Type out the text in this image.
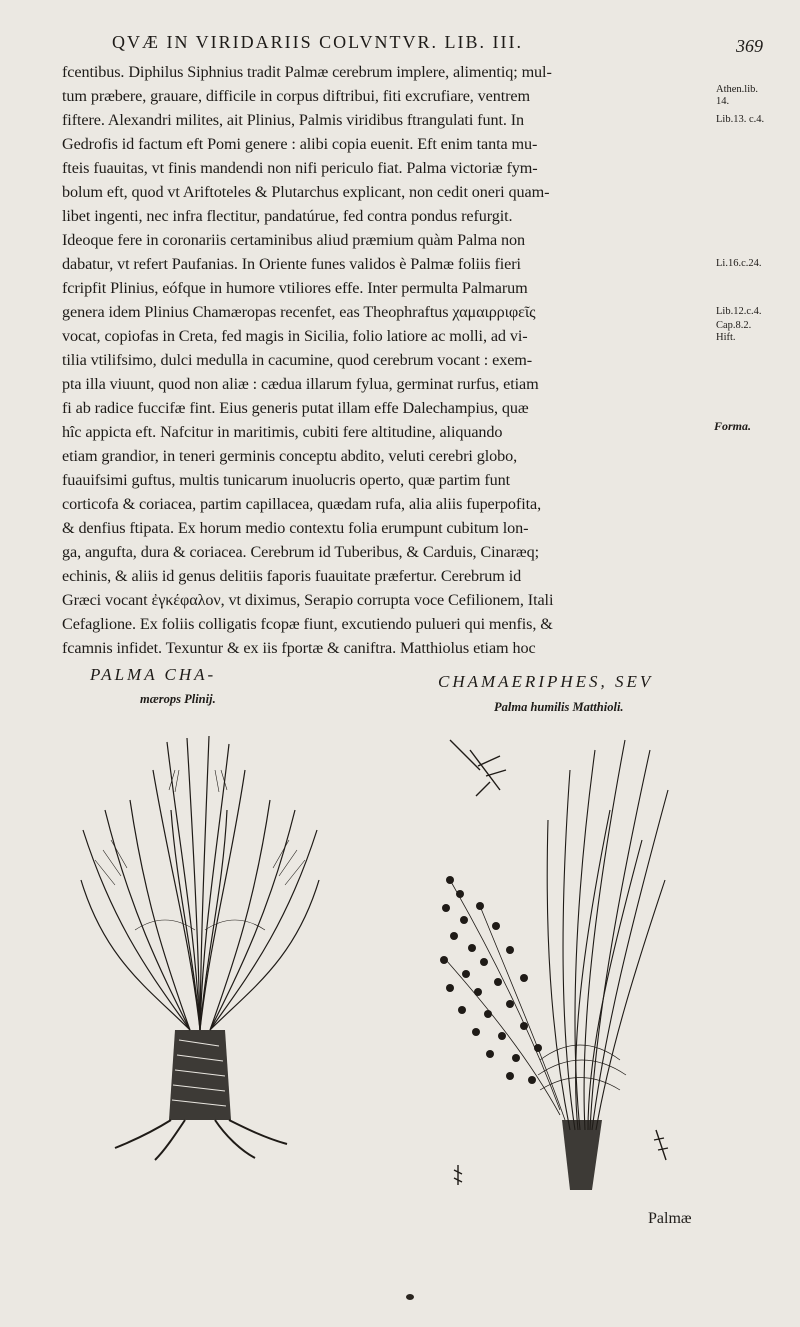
QVÆ IN VIRIDARIIS COLVNTVR. LIB. III.	369
fcentibus. Diphilus Siphnius tradit Palmæ cerebrum implere, alimentiq; mul-
tum præbere, grauare, difficile in corpus diftribui, fiti excrufiare, ventrem
fiftere. Alexandri milites, ait Plinius, Palmis viridibus ftrangulati funt. In
Gedrofis id factum eft Pomi genere : alibi copia euenit. Eft enim tanta mu-
fteis fuauitas, vt finis mandendi non nifi periculo fiat. Palma victoriæ fym-
bolum eft, quod vt Ariftoteles & Plutarchus explicant, non cedit oneri quam-
libet ingenti, nec infra flectitur, pandatúrue, fed contra pondus refurgit.
Ideoque fere in coronariis certaminibus aliud præmium quàm Palma non
dabatur, vt refert Paufanias. In Oriente funes validos è Palmæ foliis fieri
fcripfit Plinius, eófque in humore vtiliores effe. Inter permulta Palmarum
genera idem Plinius Chamæropas recenfet, eas Theophraftus χαμαιρριφεῖς
vocat, copiofas in Creta, fed magis in Sicilia, folio latiore ac molli, ad vi-
tilia vtilifsimo, dulci medulla in cacumine, quod cerebrum vocant : exem-
pta illa viuunt, quod non aliæ : cædua illarum fylua, germinat rurfus, etiam
fi ab radice fuccifæ fint. Eius generis putat illam effe Dalechampius, quæ
hîc appicta eft. Nafcitur in maritimis, cubiti fere altitudine, aliquando
etiam grandior, in teneri germinis conceptu abdito, veluti cerebri globo,
fuauifsimi guftus, multis tunicarum inuolucris operto, quæ partim funt
corticofa & coriacea, partim capillacea, quædam rufa, alia aliis fuperpofita,
& denfius ftipata. Ex horum medio contextu folia erumpunt cubitum lon-
ga, angufta, dura & coriacea. Cerebrum id Tuberibus, & Carduis, Cinaræq;
echinis, & aliis id genus delitiis faporis fuauitate præfertur. Cerebrum id
Græci vocant ἐγκέφαλον, vt diximus, Serapio corrupta voce Cefilionem, Itali
Cefaglione. Ex foliis colligatis fcopæ fiunt, excutiendo pulueri qui menfis, &
fcamnis infidet. Texuntur & ex iis fportæ & caniftra. Matthiolus etiam hoc
Athen.lib.
14.
Lib.13. c.4.
Li.16.c.24.
Lib.12.c.4.
Cap.8.2.
Hift.
Forma.
PALMA CHA-
mærops Plinij.
CHAMAERIPHES, SEV
Palma humilis Matthioli.
Palmæ
